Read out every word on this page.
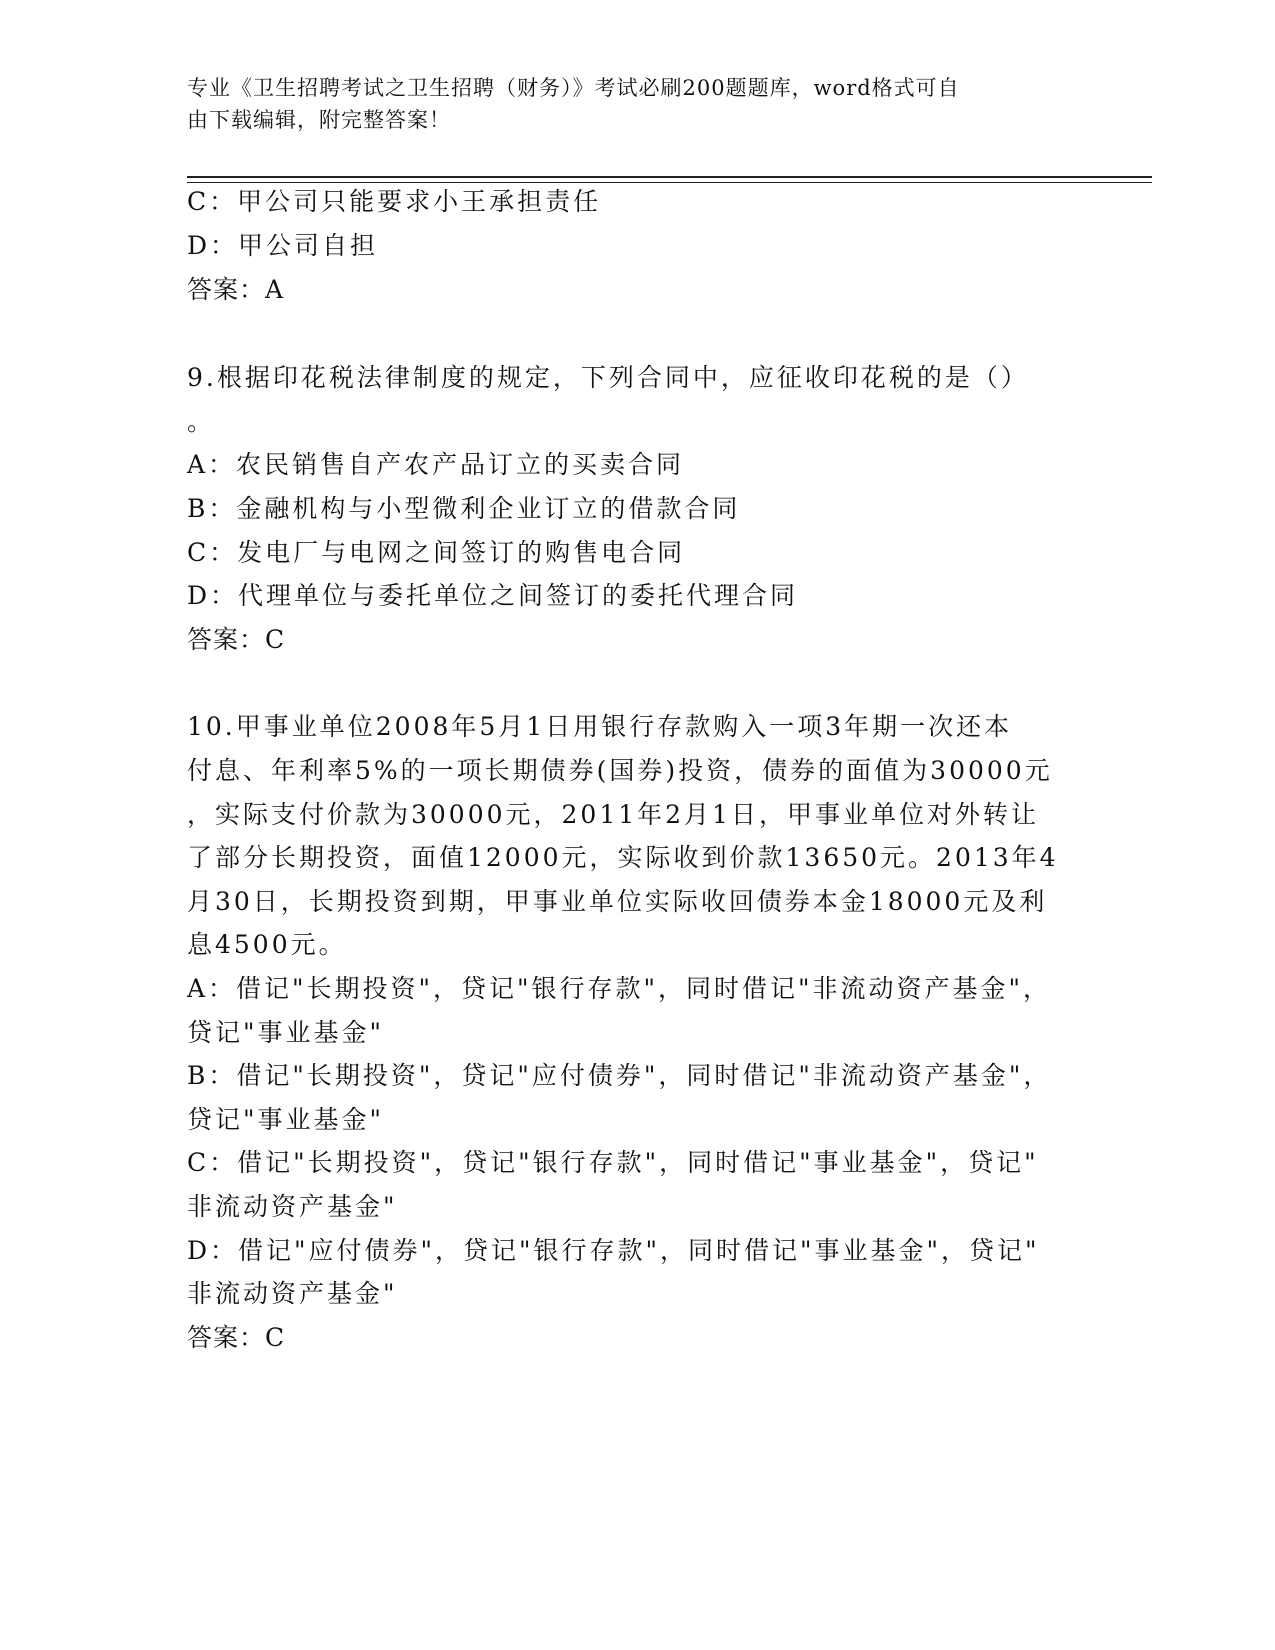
专业《卫生招聘考试之卫生招聘（财务）》考试必刷200题题库，word格式可自
由下载编辑，附完整答案！
C：甲公司只能要求小王承担责任
D：甲公司自担
答案：A
9.根据印花税法律制度的规定，下列合同中，应征收印花税的是（）
。
A：农民销售自产农产品订立的买卖合同
B：金融机构与小型微利企业订立的借款合同
C：发电厂与电网之间签订的购售电合同
D：代理单位与委托单位之间签订的委托代理合同
答案：C
10.甲事业单位2008年5月1日用银行存款购入一项3年期一次还本
付息、年利率5%的一项长期债券(国券)投资，债券的面值为30000元
，实际支付价款为30000元，2011年2月1日，甲事业单位对外转让
了部分长期投资，面值12000元，实际收到价款13650元。2013年4
月30日，长期投资到期，甲事业单位实际收回债券本金18000元及利
息4500元。
A：借记"长期投资"，贷记"银行存款"，同时借记"非流动资产基金"，
贷记"事业基金"
B：借记"长期投资"，贷记"应付债券"，同时借记"非流动资产基金"，
贷记"事业基金"
C：借记"长期投资"，贷记"银行存款"，同时借记"事业基金"，贷记"
非流动资产基金"
D：借记"应付债券"，贷记"银行存款"，同时借记"事业基金"，贷记"
非流动资产基金"
答案：C
